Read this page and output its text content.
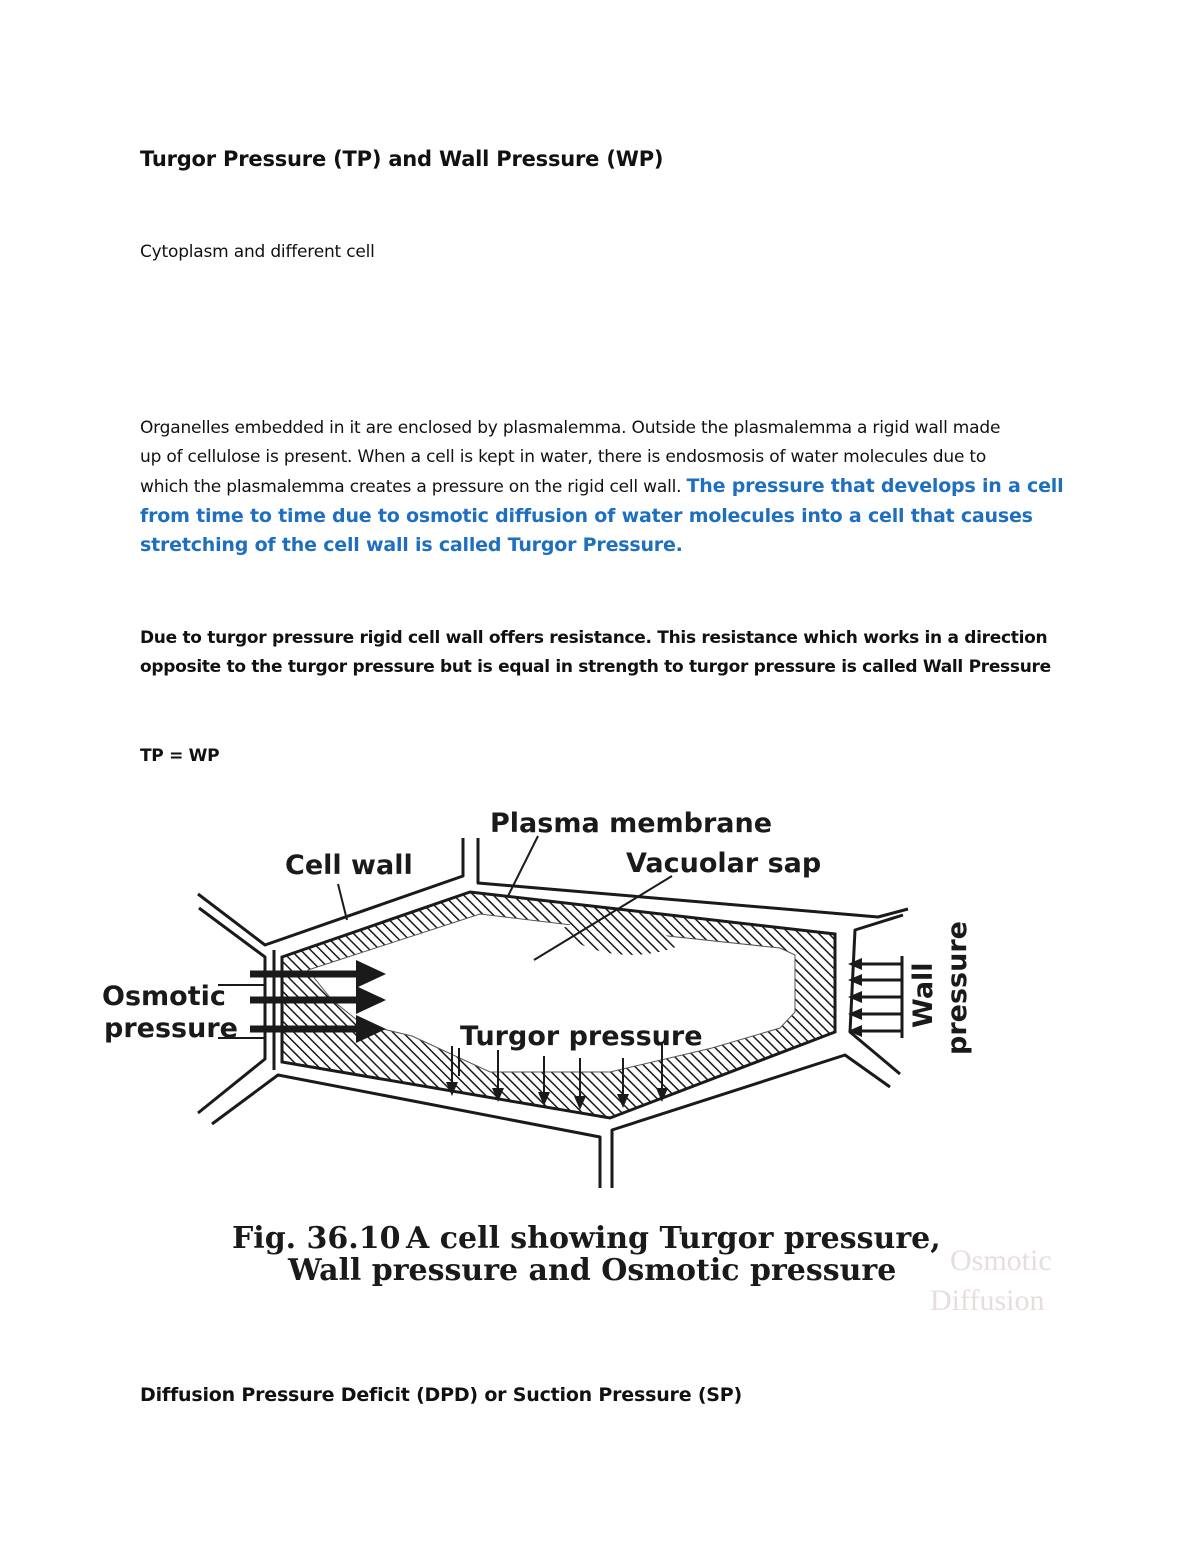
Turgor Pressure (TP) and Wall Pressure (WP)

Cytoplasm and different cell

Organelles embedded in it are enclosed by plasmalemma. Outside the plasmalemma a rigid wall made
up of cellulose is present. When a cell is kept in water, there is endosmosis of water molecules due to
which the plasmalemma creates a pressure on the rigid cell wall. The pressure that develops in a cell
from time to time due to osmotic diffusion of water molecules into a cell that causes
stretching of the cell wall is called Turgor Pressure.
Due to turgor pressure rigid cell wall offers resistance. This resistance which works in a direction
opposite to the turgor pressure but is equal in strength to turgor pressure is called Wall Pressure

TP = WP

Osmotic
Diffusion
Plasma membrane
Cell wall	Vacuolar sap
Osmotic
pressure	Turgor pressure
Wall pressure
Fig. 36.10 A cell showing Turgor pressure,
Wall pressure and Osmotic pressure
Diffusion Pressure Deficit (DPD) or Suction Pressure (SP)
